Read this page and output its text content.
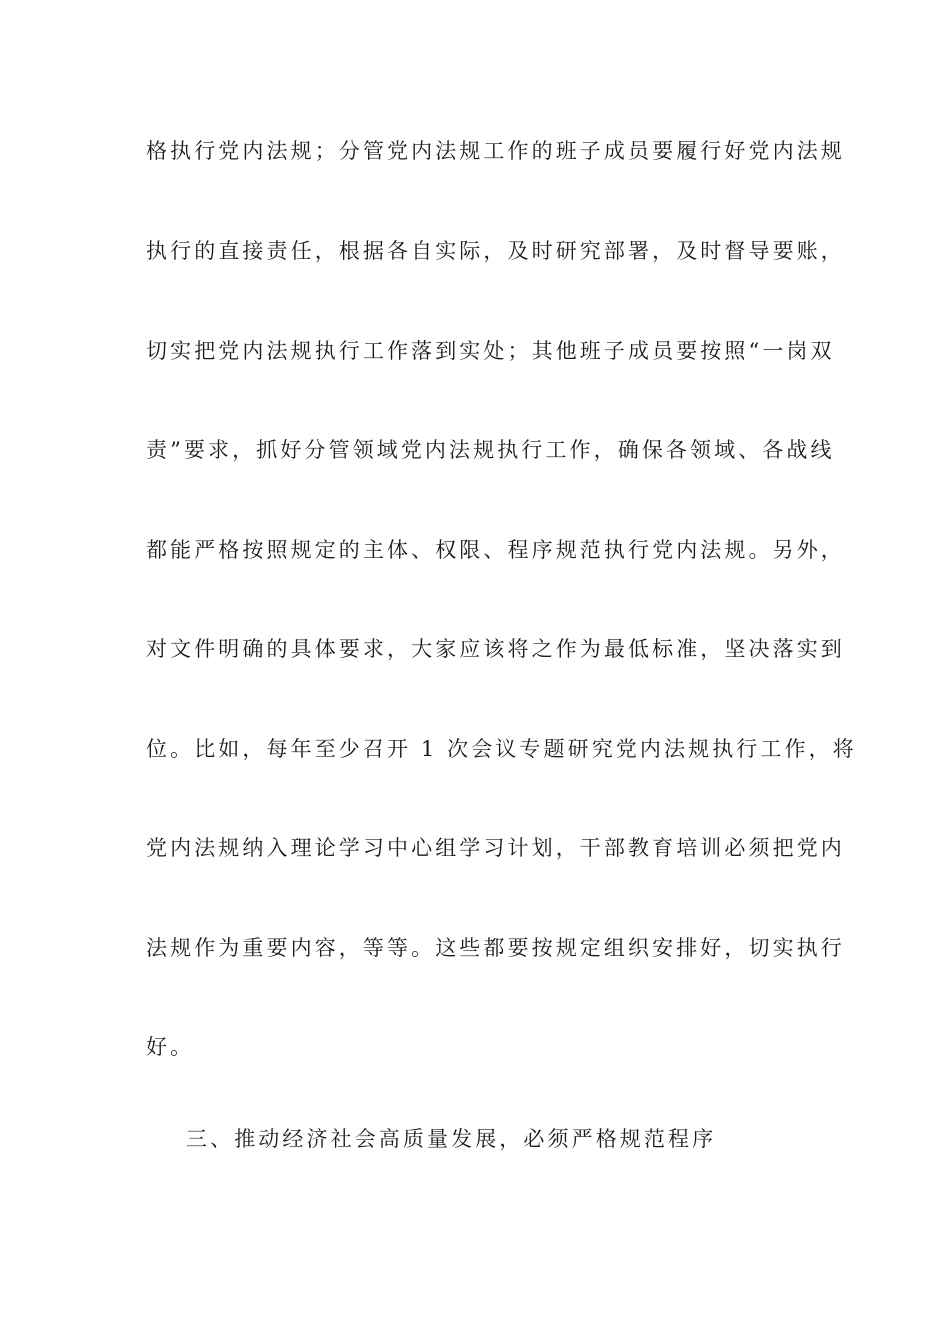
格执行党内法规；分管党内法规工作的班子成员要履行好党内法规
执行的直接责任，根据各自实际，及时研究部署，及时督导要账，
切实把党内法规执行工作落到实处；其他班子成员要按照“一岗双
责”要求，抓好分管领域党内法规执行工作，确保各领域、各战线
都能严格按照规定的主体、权限、程序规范执行党内法规。另外，
对文件明确的具体要求，大家应该将之作为最低标准，坚决落实到
位。比如，每年至少召开 1 次会议专题研究党内法规执行工作，将
党内法规纳入理论学习中心组学习计划，干部教育培训必须把党内
法规作为重要内容，等等。这些都要按规定组织安排好，切实执行
好。
三、推动经济社会高质量发展，必须严格规范程序
